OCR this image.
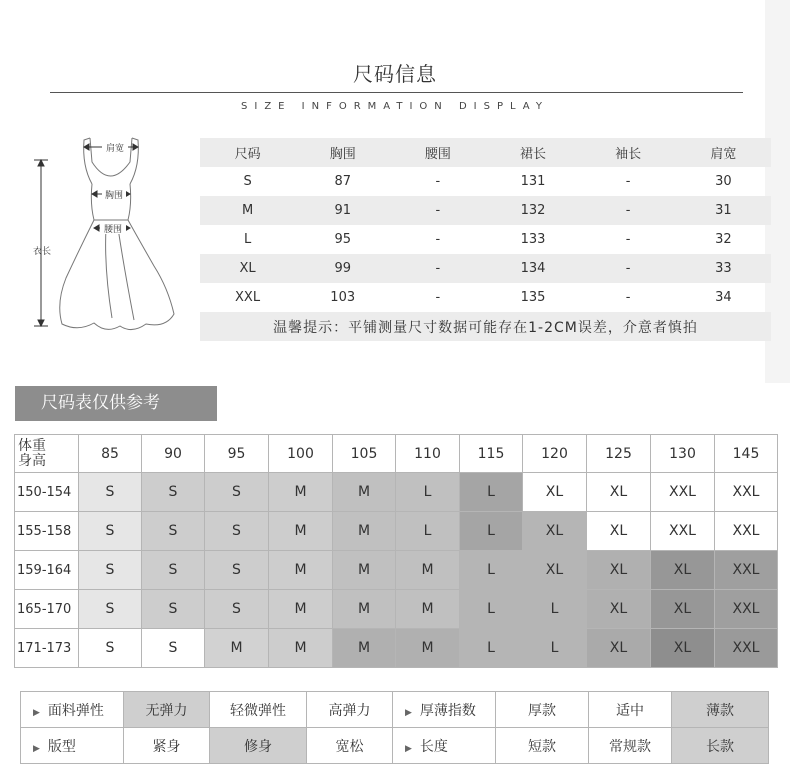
尺码信息
SIZE INFORMATION DISPLAY
肩宽
胸围
腰围
衣长
尺码	胸围	腰围	裙长	袖长	肩宽
S	87	-	131	-	30
M	91	-	132	-	31
L	95	-	133	-	32
XL	99	-	134	-	33
XXL	103	-	135	-	34
温馨提示：平铺测量尺寸数据可能存在1-2CM误差，介意者慎拍					
尺码表仅供参考
体重
身高	85	90	95	100	105	110	115	120	125	130	145
150-154	S	S	S	M	M	L	L	XL	XL	XXL	XXL
155-158	S	S	S	M	M	L	L	XL	XL	XXL	XXL
159-164	S	S	S	M	M	M	L	XL	XL	XL	XXL
165-170	S	S	S	M	M	M	L	L	XL	XL	XXL
171-173	S	S	M	M	M	M	L	L	XL	XL	XXL
▶ 面料弹性	无弹力	轻微弹性	高弹力	▶ 厚薄指数	厚款	适中	薄款
▶ 版型	紧身	修身	宽松	▶ 长度	短款	常规款	长款
